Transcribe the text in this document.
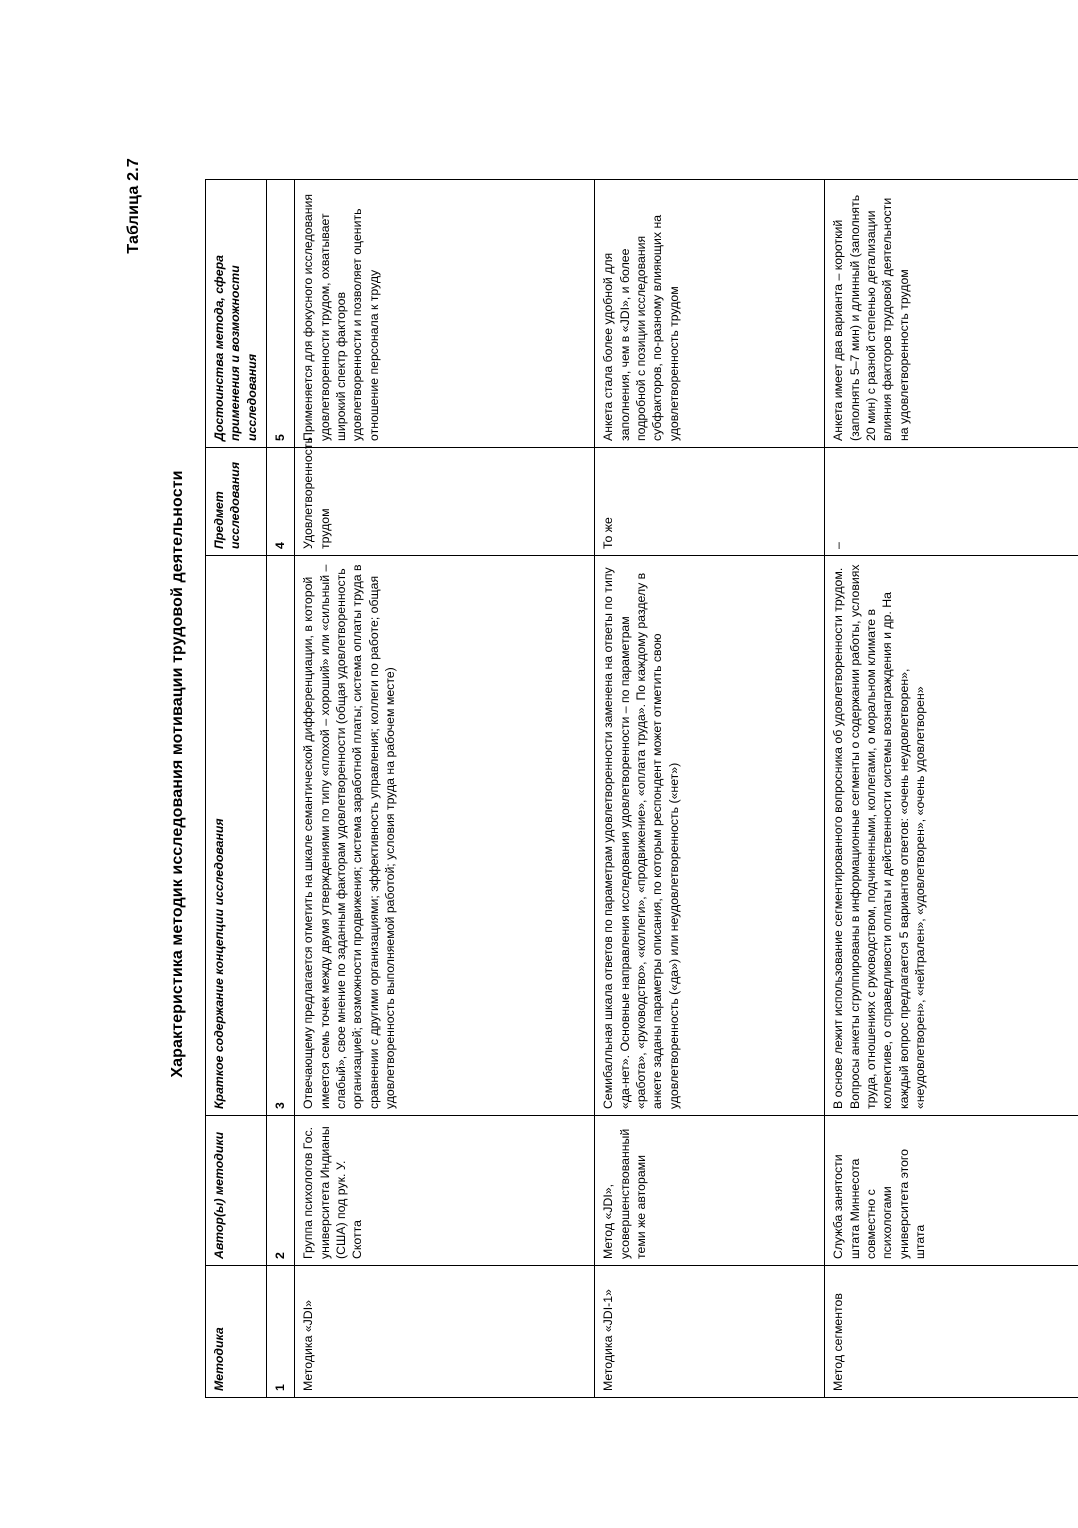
Таблица 2.7
Характеристика методик исследования мотивации трудовой деятельности
Методика	Автор(ы) методики	Краткое содержание концепции исследования	Предмет исследования	Достоинства метода, сфера применения и возможности исследования
1	2	3	4	5
Методика «JDI»	Группа психологов Гос. университета Индианы (США) под рук. У. Скотта	Отвечающему предлагается отметить на шкале семантической дифференциации, в которой имеется семь точек между двумя утверждениями по типу «плохой – хороший» или «сильный – слабый», свое мнение по заданным факторам удовлетворенности (общая удовлетворенность организацией; возможности продвижения; система заработной платы; система оплаты труда в сравнении с другими организациями; эффективность управления; коллеги по работе; общая удовлетворенность выполняемой работой; условия труда на рабочем месте)	Удовлетворенность трудом	Применяется для фокусного исследования удовлетворенности трудом, охватывает широкий спектр факторов удовлетворенности и позволяет оценить отношение персонала к труду
Методика «JDI-1»	Метод «JDI», усовершенствованный теми же авторами	Семибалльная шкала ответов по параметрам удовлетворенности заменена на ответы по типу «да-нет». Основные направления исследования удовлетворенности – по параметрам «работа», «руководство», «коллеги», «продвижение», «оплата труда». По каждому разделу в анкете заданы параметры описания, по которым респондент может отметить свою удовлетворенность («да») или неудовлетворенность («нет»)	То же	Анкета стала более удобной для заполнения, чем в «JDI», и более подробной с позиции исследования субфакторов, по-разному влияющих на удовлетворенность трудом
Метод сегментов	Служба занятости штата Миннесота совместно с психологами университета этого штата	В основе лежит использование сегментированного вопросника об удовлетворенности трудом. Вопросы анкеты сгруппированы в информационные сегменты о содержании работы, условиях труда, отношениях с руководством, подчиненными, коллегами, о моральном климате в коллективе, о справедливости оплаты и действенности системы вознаграждения и др. На каждый вопрос предлагается 5 вариантов ответов: «очень неудовлетворен», «неудовлетворен», «нейтрален», «удовлетворен», «очень удовлетворен»	–	Анкета имеет два варианта – короткий (заполнять 5–7 мин) и длинный (заполнять 20 мин) с разной степенью детализации влияния факторов трудовой деятельности на удовлетворенность трудом
